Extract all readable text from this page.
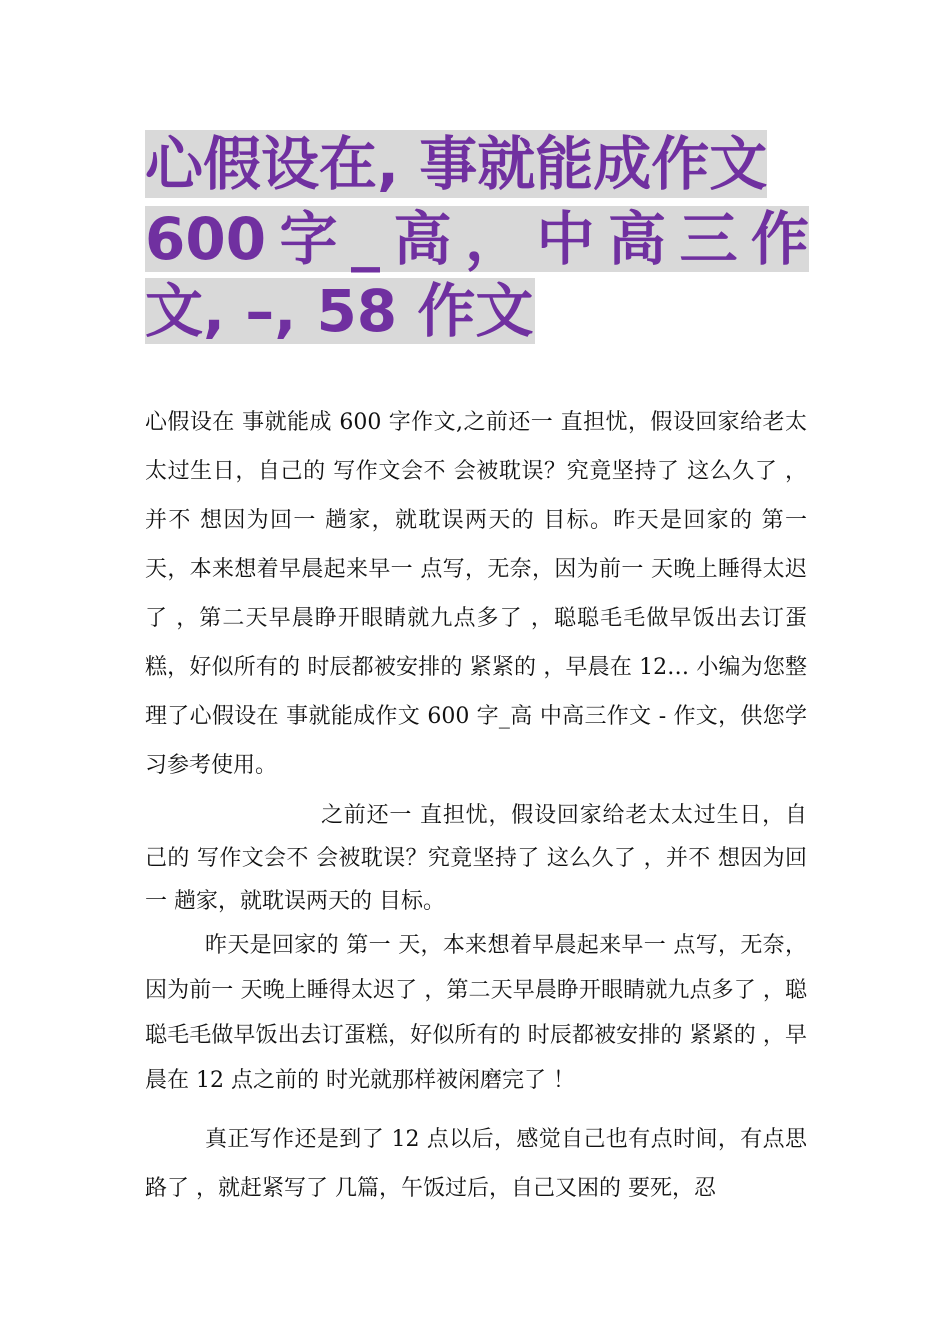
心假设在, 事就能成作文
600 字 _ 高 ， 中 高 三 作
文, –, 58 作文

心假设在 事就能成 600 字作文,之前还一 直担忧，假设回家给老太太过生日，自己的 写作文会不 会被耽误？究竟坚持了 这么久了 ，并不 想因为回一 趟家，就耽误两天的 目标。昨天是回家的 第一 天，本来想着早晨起来早一 点写，无奈，因为前一 天晚上睡得太迟了 ，第二天早晨睁开眼睛就九点多了 ，聪聪毛毛做早饭出去订蛋糕，好似所有的 时辰都被安排的 紧紧的 ，早晨在 12… 小编为您整理了心假设在 事就能成作文 600 字_高 中高三作文 - 作文，供您学习参考使用。

之前还一 直担忧，假设回家给老太太过生日，自己的 写作文会不 会被耽误？究竟坚持了 这么久了 ，并不 想因为回一 趟家，就耽误两天的 目标。

昨天是回家的 第一 天，本来想着早晨起来早一 点写，无奈，因为前一 天晚上睡得太迟了 ，第二天早晨睁开眼睛就九点多了 ，聪聪毛毛做早饭出去订蛋糕，好似所有的 时辰都被安排的 紧紧的 ，早晨在 12 点之前的 时光就那样被闲磨完了 ！

真正写作还是到了 12 点以后，感觉自己也有点时间，有点思路了 ，就赶紧写了 几篇，午饭过后，自己又困的 要死，忍
